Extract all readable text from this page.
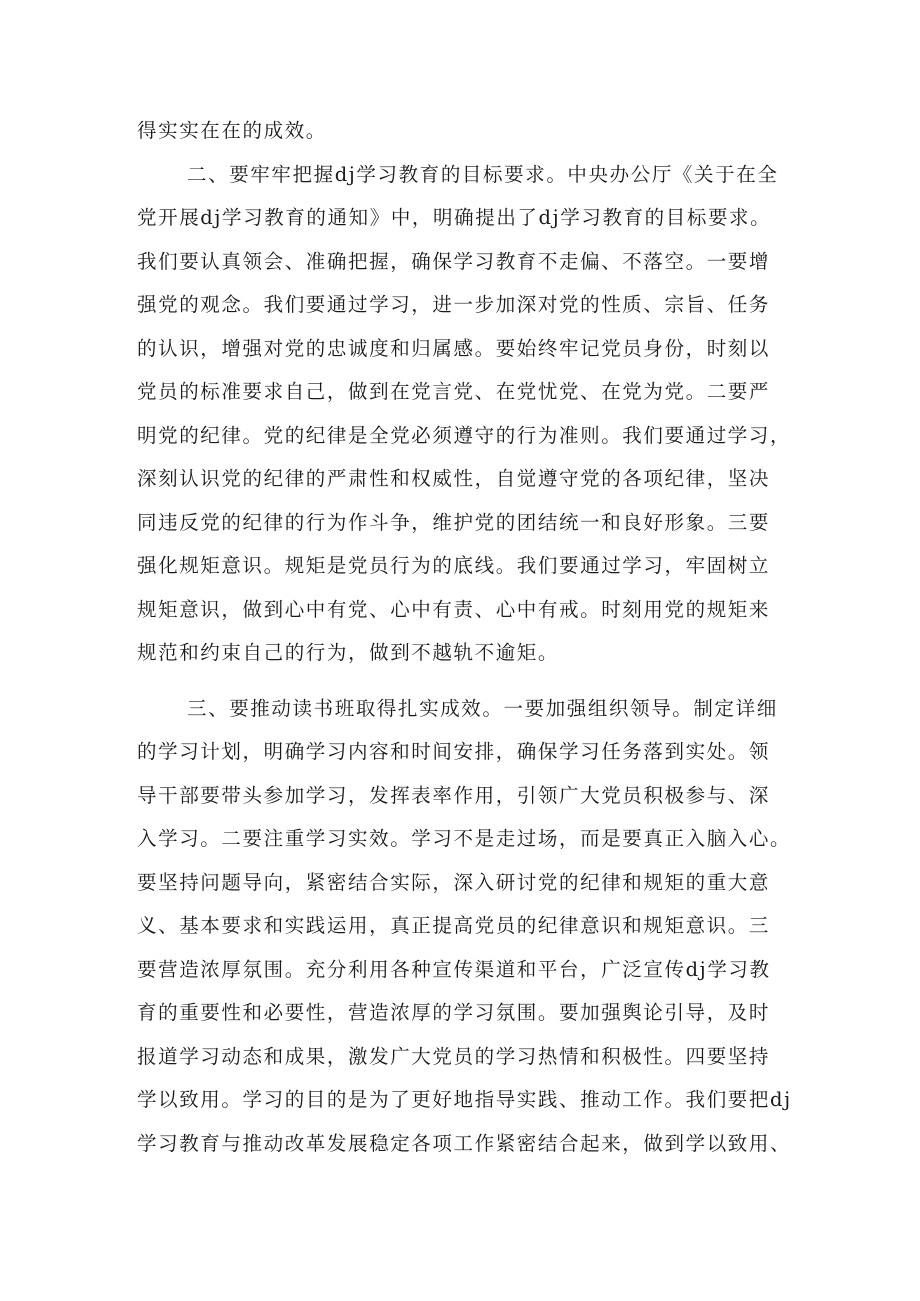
得实实在在的成效。
二、要牢牢把握dj学习教育的目标要求。中央办公厅《关于在全
党开展dj学习教育的通知》中，明确提出了dj学习教育的目标要求。
我们要认真领会、准确把握，确保学习教育不走偏、不落空。一要增
强党的观念。我们要通过学习，进一步加深对党的性质、宗旨、任务
的认识，增强对党的忠诚度和归属感。要始终牢记党员身份，时刻以
党员的标准要求自己，做到在党言党、在党忧党、在党为党。二要严
明党的纪律。党的纪律是全党必须遵守的行为准则。我们要通过学习，
深刻认识党的纪律的严肃性和权威性，自觉遵守党的各项纪律，坚决
同违反党的纪律的行为作斗争，维护党的团结统一和良好形象。三要
强化规矩意识。规矩是党员行为的底线。我们要通过学习，牢固树立
规矩意识，做到心中有党、心中有责、心中有戒。时刻用党的规矩来
规范和约束自己的行为，做到不越轨不逾矩。
三、要推动读书班取得扎实成效。一要加强组织领导。制定详细
的学习计划，明确学习内容和时间安排，确保学习任务落到实处。领
导干部要带头参加学习，发挥表率作用，引领广大党员积极参与、深
入学习。二要注重学习实效。学习不是走过场，而是要真正入脑入心。
要坚持问题导向，紧密结合实际，深入研讨党的纪律和规矩的重大意
义、基本要求和实践运用，真正提高党员的纪律意识和规矩意识。三
要营造浓厚氛围。充分利用各种宣传渠道和平台，广泛宣传dj学习教
育的重要性和必要性，营造浓厚的学习氛围。要加强舆论引导，及时
报道学习动态和成果，激发广大党员的学习热情和积极性。四要坚持
学以致用。学习的目的是为了更好地指导实践、推动工作。我们要把dj
学习教育与推动改革发展稳定各项工作紧密结合起来，做到学以致用、
